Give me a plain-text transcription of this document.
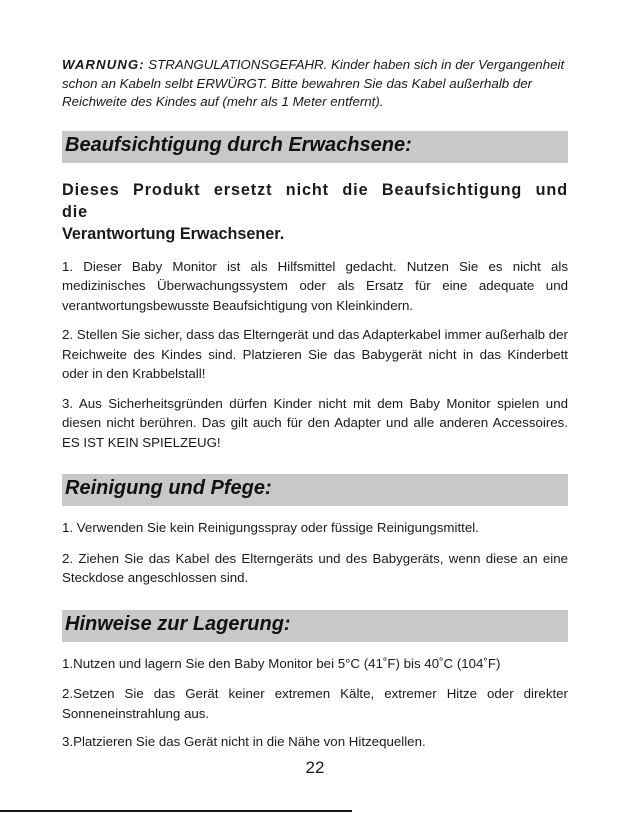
WARNUNG: STRANGULATIONSGEFAHR. Kinder haben sich in der Vergangenheit schon an Kabeln selbt ERWÜRGT. Bitte bewahren Sie das Kabel außerhalb der Reichweite des Kindes auf (mehr als 1 Meter entfernt).

Beaufsichtigung durch Erwachsene:
Dieses Produkt ersetzt nicht die Beaufsichtigung und die
Verantwortung Erwachsener.

1. Dieser Baby Monitor ist als Hilfsmittel gedacht. Nutzen Sie es nicht als medizinisches Überwachungssystem oder als Ersatz für eine adequate und verantwortungsbewusste Beaufsichtigung von Kleinkindern.

2. Stellen Sie sicher, dass das Elterngerät und das Adapterkabel immer außerhalb der Reichweite des Kindes sind. Platzieren Sie das Babygerät nicht in das Kinderbett oder in den Krabbelstall!

3. Aus Sicherheitsgründen dürfen Kinder nicht mit dem Baby Monitor spielen und diesen nicht berühren. Das gilt auch für den Adapter und alle anderen Accessoires. ES IST KEIN SPIELZEUG!

Reinigung und Pfege:

1. Verwenden Sie kein Reinigungsspray oder füssige Reinigungsmittel.

2. Ziehen Sie das Kabel des Elterngeräts und des Babygeräts, wenn diese an eine Steckdose angeschlossen sind.

Hinweise zur Lagerung:

1.Nutzen und lagern Sie den Baby Monitor bei 5°C (41˚F) bis 40˚C (104˚F)

2.Setzen Sie das Gerät keiner extremen Kälte, extremer Hitze oder direkter Sonneneinstrahlung aus.

3.Platzieren Sie das Gerät nicht in die Nähe von Hitzequellen.

22
